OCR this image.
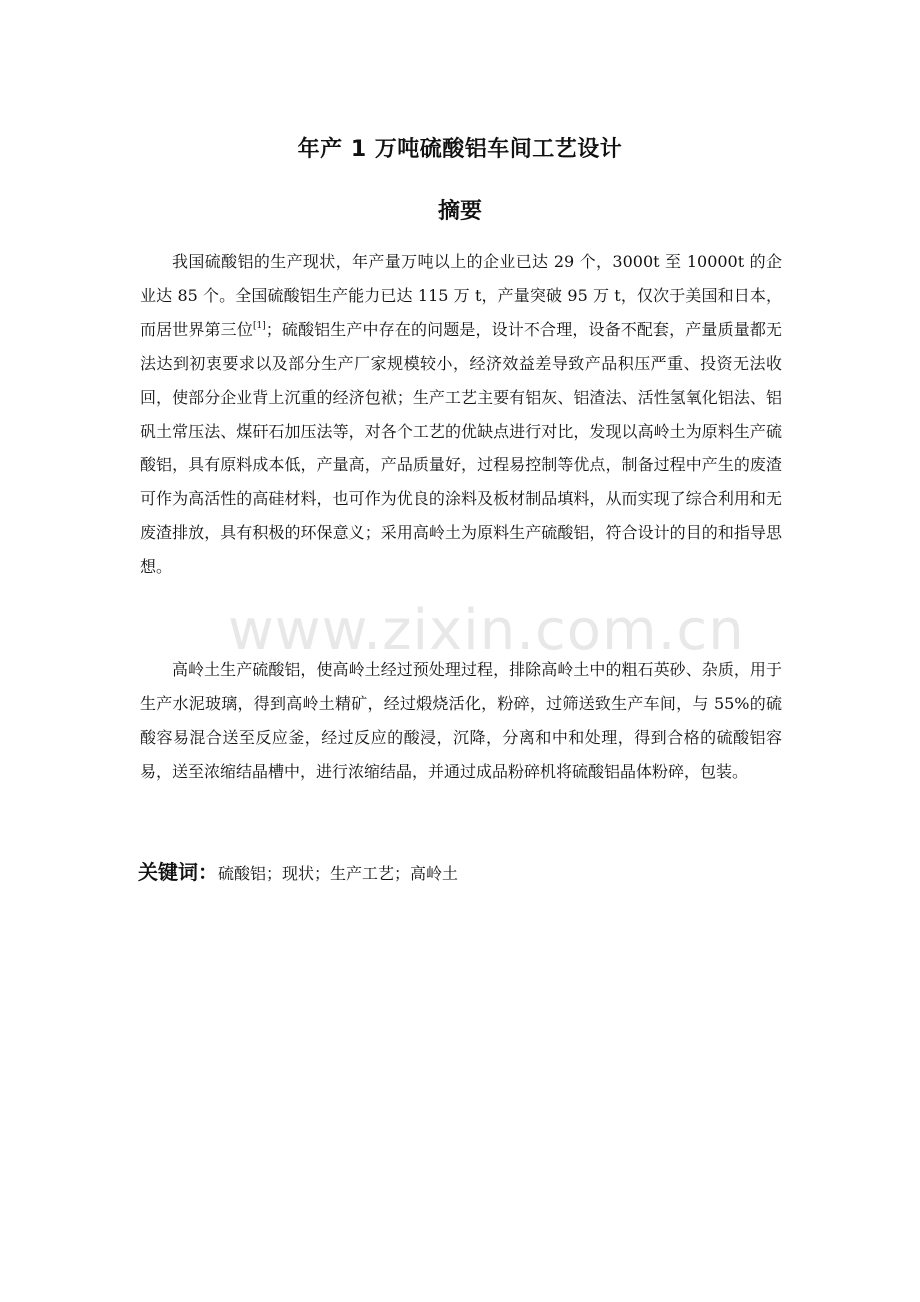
年产 1 万吨硫酸铝车间工艺设计
摘要

我国硫酸铝的生产现状，年产量万吨以上的企业已达 29 个，3000t 至 10000t 的企业达 85 个。全国硫酸铝生产能力已达 115 万 t，产量突破 95 万 t，仅次于美国和日本，而居世界第三位[1]；硫酸铝生产中存在的问题是，设计不合理，设备不配套，产量质量都无法达到初衷要求以及部分生产厂家规模较小，经济效益差导致产品积压严重、投资无法收回，使部分企业背上沉重的经济包袱；生产工艺主要有铝灰、铝渣法、活性氢氧化铝法、铝矾土常压法、煤矸石加压法等，对各个工艺的优缺点进行对比，发现以高岭土为原料生产硫酸铝，具有原料成本低，产量高，产品质量好，过程易控制等优点，制备过程中产生的废渣可作为高活性的高硅材料，也可作为优良的涂料及板材制品填料，从而实现了综合利用和无废渣排放，具有积极的环保意义；采用高岭土为原料生产硫酸铝，符合设计的目的和指导思想。

高岭土生产硫酸铝，使高岭土经过预处理过程，排除高岭土中的粗石英砂、杂质，用于生产水泥玻璃，得到高岭土精矿，经过煅烧活化，粉碎，过筛送致生产车间，与 55%的硫酸容易混合送至反应釜，经过反应的酸浸，沉降，分离和中和处理，得到合格的硫酸铝容易，送至浓缩结晶槽中，进行浓缩结晶，并通过成品粉碎机将硫酸铝晶体粉碎，包装。

关键词：硫酸铝；现状；生产工艺；高岭土
www.zixin.com.cn
